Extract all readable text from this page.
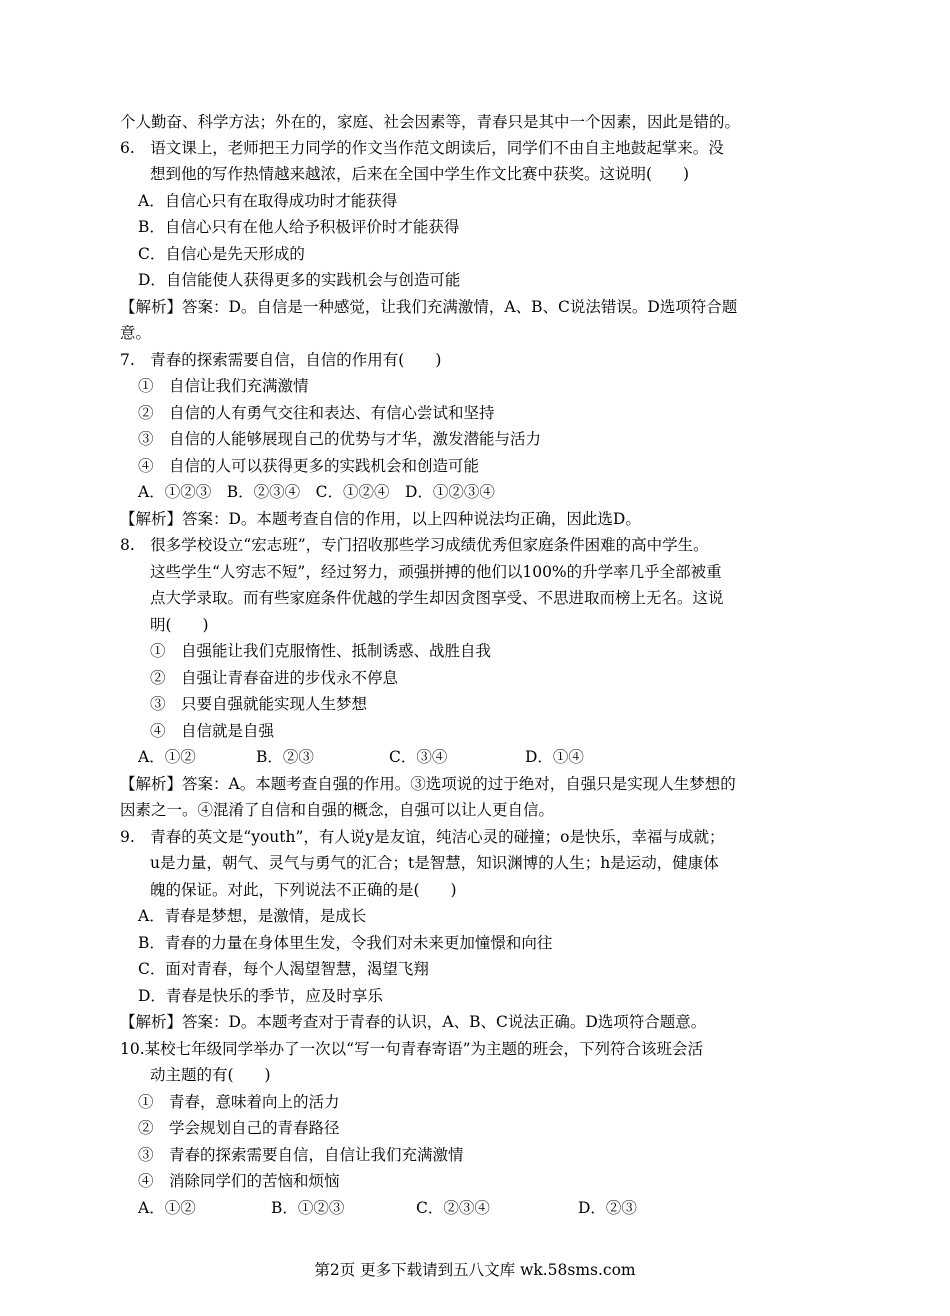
个人勤奋、科学方法；外在的，家庭、社会因素等，青春只是其中一个因素，因此是错的。
6.　语文课上，老师把王力同学的作文当作范文朗读后，同学们不由自主地鼓起掌来。没
想到他的写作热情越来越浓，后来在全国中学生作文比赛中获奖。这说明(　　)
A．自信心只有在取得成功时才能获得
B．自信心只有在他人给予积极评价时才能获得
C．自信心是先天形成的
D．自信能使人获得更多的实践机会与创造可能
【解析】答案：D。自信是一种感觉，让我们充满激情，A、B、C说法错误。D选项符合题
意。
7.　青春的探索需要自信，自信的作用有(　　)
①　自信让我们充满激情
②　自信的人有勇气交往和表达、有信心尝试和坚持
③　自信的人能够展现自己的优势与才华，激发潜能与活力
④　自信的人可以获得更多的实践机会和创造可能
A．①②③　B．②③④　C．①②④　D．①②③④
【解析】答案：D。本题考查自信的作用，以上四种说法均正确，因此选D。
8.　很多学校设立“宏志班”，专门招收那些学习成绩优秀但家庭条件困难的高中学生。
这些学生“人穷志不短”，经过努力，顽强拼搏的他们以100%的升学率几乎全部被重
点大学录取。而有些家庭条件优越的学生却因贪图享受、不思进取而榜上无名。这说
明(　　)
①　自强能让我们克服惰性、抵制诱惑、战胜自我
②　自强让青春奋进的步伐永不停息
③　只要自强就能实现人生梦想
④　自信就是自强
A．①②	B．②③	C．③④	D．①④
【解析】答案：A。本题考查自强的作用。③选项说的过于绝对，自强只是实现人生梦想的
因素之一。④混淆了自信和自强的概念，自强可以让人更自信。
9.　青春的英文是“youth”，有人说y是友谊，纯洁心灵的碰撞；o是快乐，幸福与成就；
u是力量，朝气、灵气与勇气的汇合；t是智慧，知识渊博的人生；h是运动，健康体
魄的保证。对此，下列说法不正确的是(　　)
A．青春是梦想，是激情，是成长
B．青春的力量在身体里生发，令我们对未来更加憧憬和向往
C．面对青春，每个人渴望智慧，渴望飞翔
D．青春是快乐的季节，应及时享乐
【解析】答案：D。本题考查对于青春的认识，A、B、C说法正确。D选项符合题意。
10.某校七年级同学举办了一次以“写一句青春寄语”为主题的班会，下列符合该班会活
动主题的有(　　)
①　青春，意味着向上的活力
②　学会规划自己的青春路径
③　青春的探索需要自信，自信让我们充满激情
④　消除同学们的苦恼和烦恼
A．①②	B．①②③	C．②③④	D．②③
第2页 更多下载请到五八文库 wk.58sms.com
